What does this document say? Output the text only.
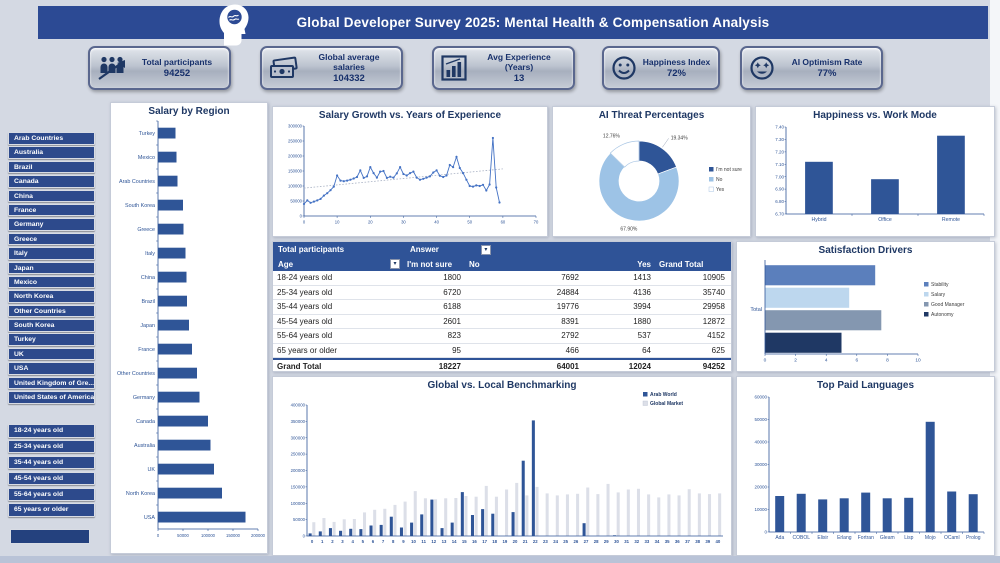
Global Developer Survey 2025: Mental Health & Compensation Analysis
Total participants
94252
Global average salaries
104332
Avg Experience (Years)
13
Happiness Index
72%
AI Optimism Rate
77%
Arab Countries
Australia
Brazil
Canada
China
France
Germany
Greece
Italy
Japan
Mexico
North Korea
Other Countries
South Korea
Turkey
UK
USA
United Kingdom of Gre...
United States of America
18-24 years old
25-34 years old
35-44 years old
45-54 years old
55-64 years old
65 years or older
Salary by Region
Turkey
Mexico
Arab Countries
South Korea
Greece
Italy
China
Brazil
Japan
France
Other Countries
Germany
Canada
Australia
UK
North Korea
USA
0	50000	100000	150000	200000
Salary Growth vs. Years of Experience
0
50000
100000
150000
200000
250000
300000
0	10	20	30	40	50	60	70
AI Threat Percentages
19.34%
67.90%
12.76%
I'm not sure
No
Yes
Happiness vs. Work Mode
6.70
6.80
6.90
7.00
7.10
7.20
7.30
7.40
Hybrid	Office	Remote
Total participants	Answer	▾
Age	▾	I'm not sure	No	Yes	Grand Total
18-24 years old	1800	7692	1413	10905
25-34 years old	6720	24884	4136	35740
35-44 years old	6188	19776	3994	29958
45-54 years old	2601	8391	1880	12872
55-64 years old	823	2792	537	4152
65 years or older	95	466	64	625
Grand Total	18227	64001	12024	94252
Satisfaction Drivers
0	2	4	6	8	10
Total
Stability
Salary
Good Manager
Autonomy
Global vs. Local Benchmarking
0
50000
100000
150000
200000
250000
300000
350000
400000
0 1 2 3 4 5 6 7 8 9 10 11 12 13 14 15 16 17 18 19 20 21 22 23 24 25 26 27 28 29 30 31 32 33 34 35 36 37 38 39 40
Arab World
Global Market
Top Paid Languages
0
10000
20000
30000
40000
50000
60000
Ada COBOL Elixir Erlang Fortran Gleam Lisp Mojo OCaml Prolog
